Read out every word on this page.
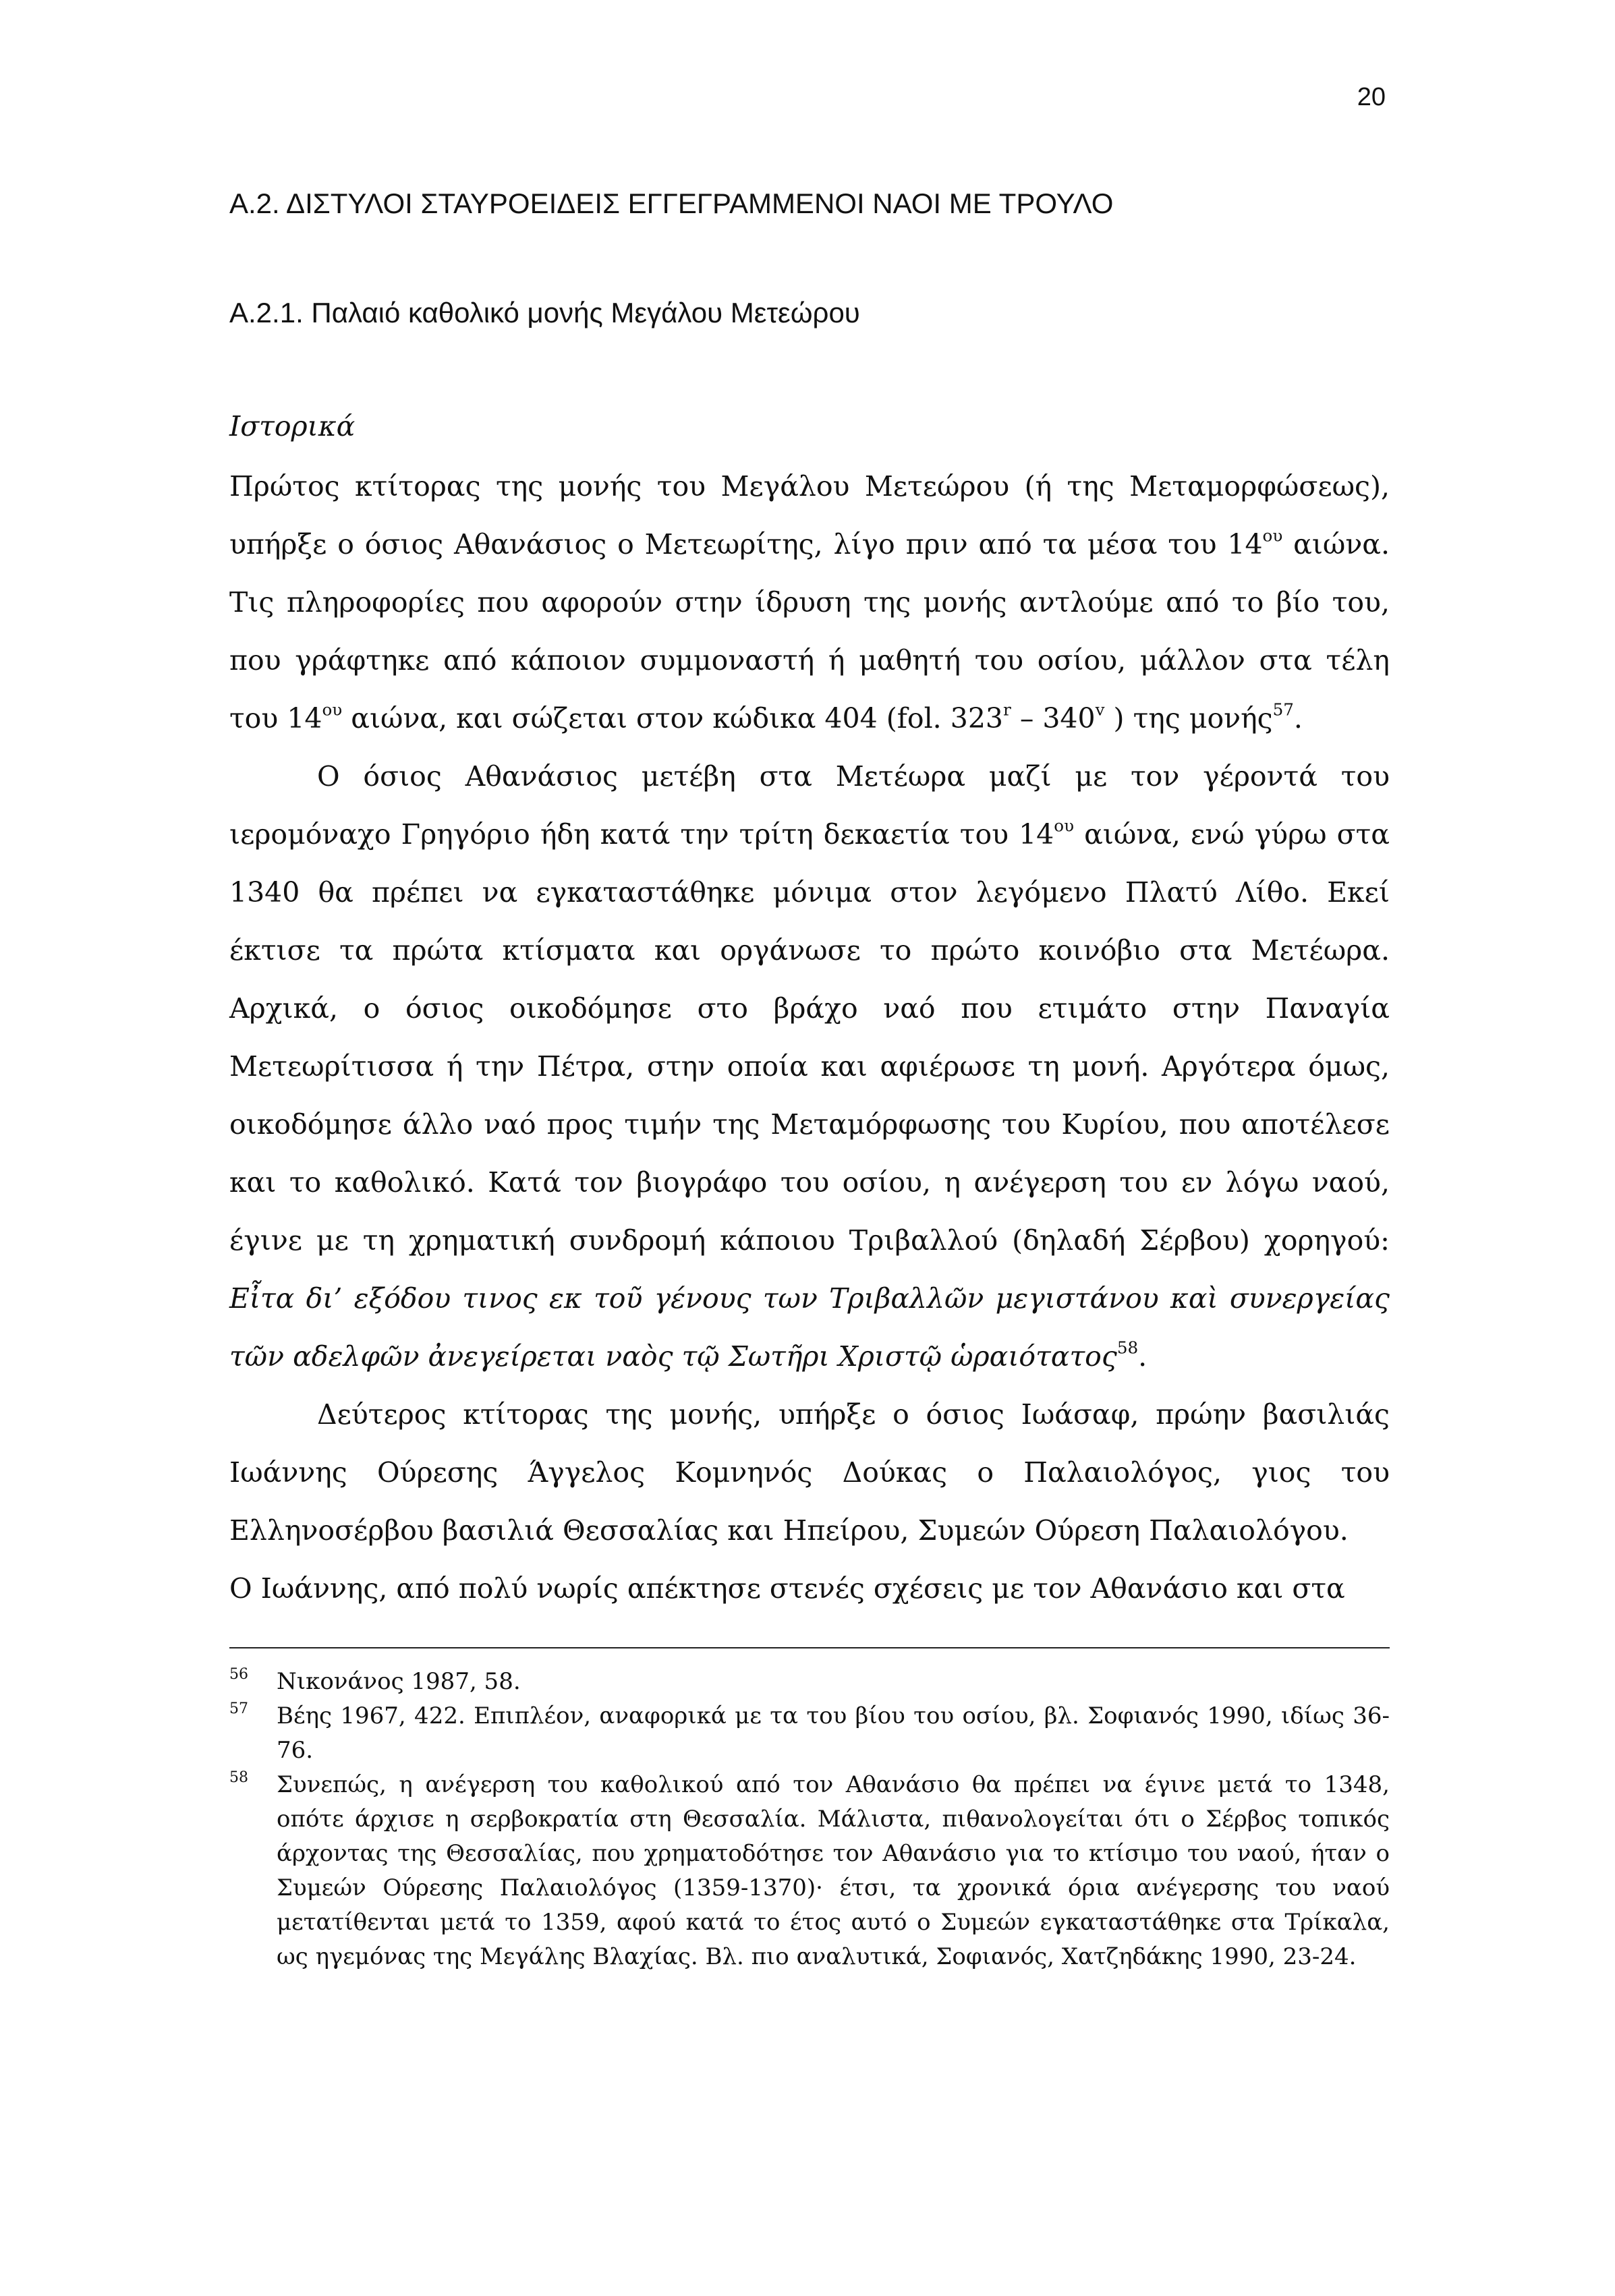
20
Α.2. ΔΙΣΤΥΛΟΙ ΣΤΑΥΡΟΕΙΔΕΙΣ ΕΓΓΕΓΡΑΜΜΕΝΟΙ ΝΑΟΙ ΜΕ ΤΡΟΥΛΟ
Α.2.1. Παλαιό καθολικό μονής Μεγάλου Μετεώρου
Ιστορικά

Πρώτος κτίτορας της μονής του Μεγάλου Μετεώρου (ή της Μεταμορφώσεως), υπήρξε ο όσιος Αθανάσιος ο Μετεωρίτης, λίγο πριν από τα μέσα του $14^{o\upsilon}$ αιώνα. Τις πληροφορίες που αφορούν στην ίδρυση της μονής αντλούμε από το βίο του, που γράφτηκε από κάποιον συμμοναστή ή μαθητή του οσίου, μάλλον στα τέλη του $14^{o\upsilon}$ αιώνα, και σώζεται στον κώδικα 404 (fol. 323$^r$ – 340$^v$ ) της μονής$^{57}$.

Ο όσιος Αθανάσιος μετέβη στα Μετέωρα μαζί με τον γέροντά του ιερομόναχο Γρηγόριο ήδη κατά την τρίτη δεκαετία του $14^{o\upsilon}$ αιώνα, ενώ γύρω στα 1340 θα πρέπει να εγκαταστάθηκε μόνιμα στον λεγόμενο Πλατύ Λίθο. Εκεί έκτισε τα πρώτα κτίσματα και οργάνωσε το πρώτο κοινόβιο στα Μετέωρα. Αρχικά, ο όσιος οικοδόμησε στο βράχο ναό που ετιμάτο στην Παναγία Μετεωρίτισσα ή την Πέτρα, στην οποία και αφιέρωσε τη μονή. Αργότερα όμως, οικοδόμησε άλλο ναό προς τιμήν της Μεταμόρφωσης του Κυρίου, που αποτέλεσε και το καθολικό. Κατά τον βιογράφο του οσίου, η ανέγερση του εν λόγω ναού, έγινε με τη χρηματική συνδρομή κάποιου Τριβαλλού (δηλαδή Σέρβου) χορηγού: Εἶτα δι’ εξόδου τινος εκ τοῦ γένους των Τριβαλλῶν μεγιστάνου καὶ συνεργείας τῶν αδελφῶν ἀνεγείρεται ναὸς τῷ Σωτῆρι Χριστῷ ὡραιότατος$^{58}$.

Δεύτερος κτίτορας της μονής, υπήρξε ο όσιος Ιωάσαφ, πρώην βασιλιάς Ιωάννης Ούρεσης Άγγελος Κομνηνός Δούκας ο Παλαιολόγος, γιος του Ελληνοσέρβου βασιλιά Θεσσαλίας και Ηπείρου, Συμεών Ούρεση Παλαιολόγου.

Ο Ιωάννης, από πολύ νωρίς απέκτησε στενές σχέσεις με τον Αθανάσιο και στα

56 Νικονάνος 1987, 58.
57 Βέης 1967, 422. Επιπλέον, αναφορικά με τα του βίου του οσίου, βλ. Σοφιανός 1990, ιδίως 36-76.
58 Συνεπώς, η ανέγερση του καθολικού από τον Αθανάσιο θα πρέπει να έγινε μετά το 1348, οπότε άρχισε η σερβοκρατία στη Θεσσαλία. Μάλιστα, πιθανολογείται ότι ο Σέρβος τοπικός άρχοντας της Θεσσαλίας, που χρηματοδότησε τον Αθανάσιο για το κτίσιμο του ναού, ήταν ο Συμεών Ούρεσης Παλαιολόγος (1359-1370)· έτσι, τα χρονικά όρια ανέγερσης του ναού μετατίθενται μετά το 1359, αφού κατά το έτος αυτό ο Συμεών εγκαταστάθηκε στα Τρίκαλα, ως ηγεμόνας της Μεγάλης Βλαχίας. Βλ. πιο αναλυτικά, Σοφιανός, Χατζηδάκης 1990, 23-24.
